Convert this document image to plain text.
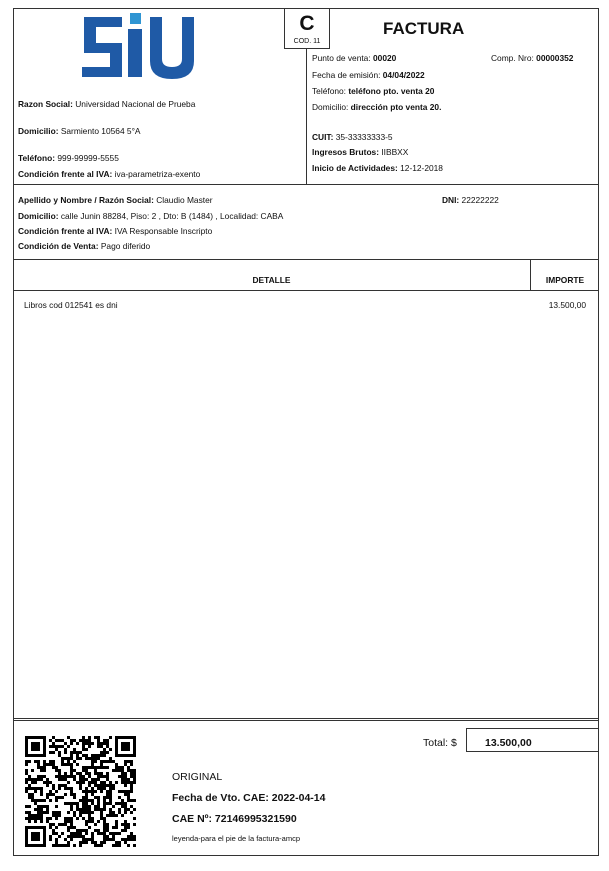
C
COD. 11
FACTURA
Punto de venta: 00020	Comp. Nro: 00000352
Fecha de emisión: 04/04/2022
Teléfono: teléfono pto. venta 20
Domicilio: dirección pto venta 20.
CUIT: 35-33333333-5
Ingresos Brutos: IIBBXX
Inicio de Actividades: 12-12-2018
Razon Social: Universidad Nacional de Prueba
Domicilio: Sarmiento 10564 5°A
Teléfono: 999-99999-5555
Condición frente al IVA: iva-parametriza-exento
Apellido y Nombre / Razón Social: Claudio Master	DNI: 22222222
Domicilio: calle Junin 88284, Piso: 2 , Dto: B (1484) , Localidad: CABA
Condición frente al IVA: IVA Responsable Inscripto
Condición de Venta: Pago diferido
DETALLE	IMPORTE
Libros cod 012541 es dni	13.500,00
Total: $	13.500,00
ORIGINAL
Fecha de Vto. CAE: 2022-04-14
CAE Nº: 72146995321590
leyenda-para el pie de la factura-amcp
